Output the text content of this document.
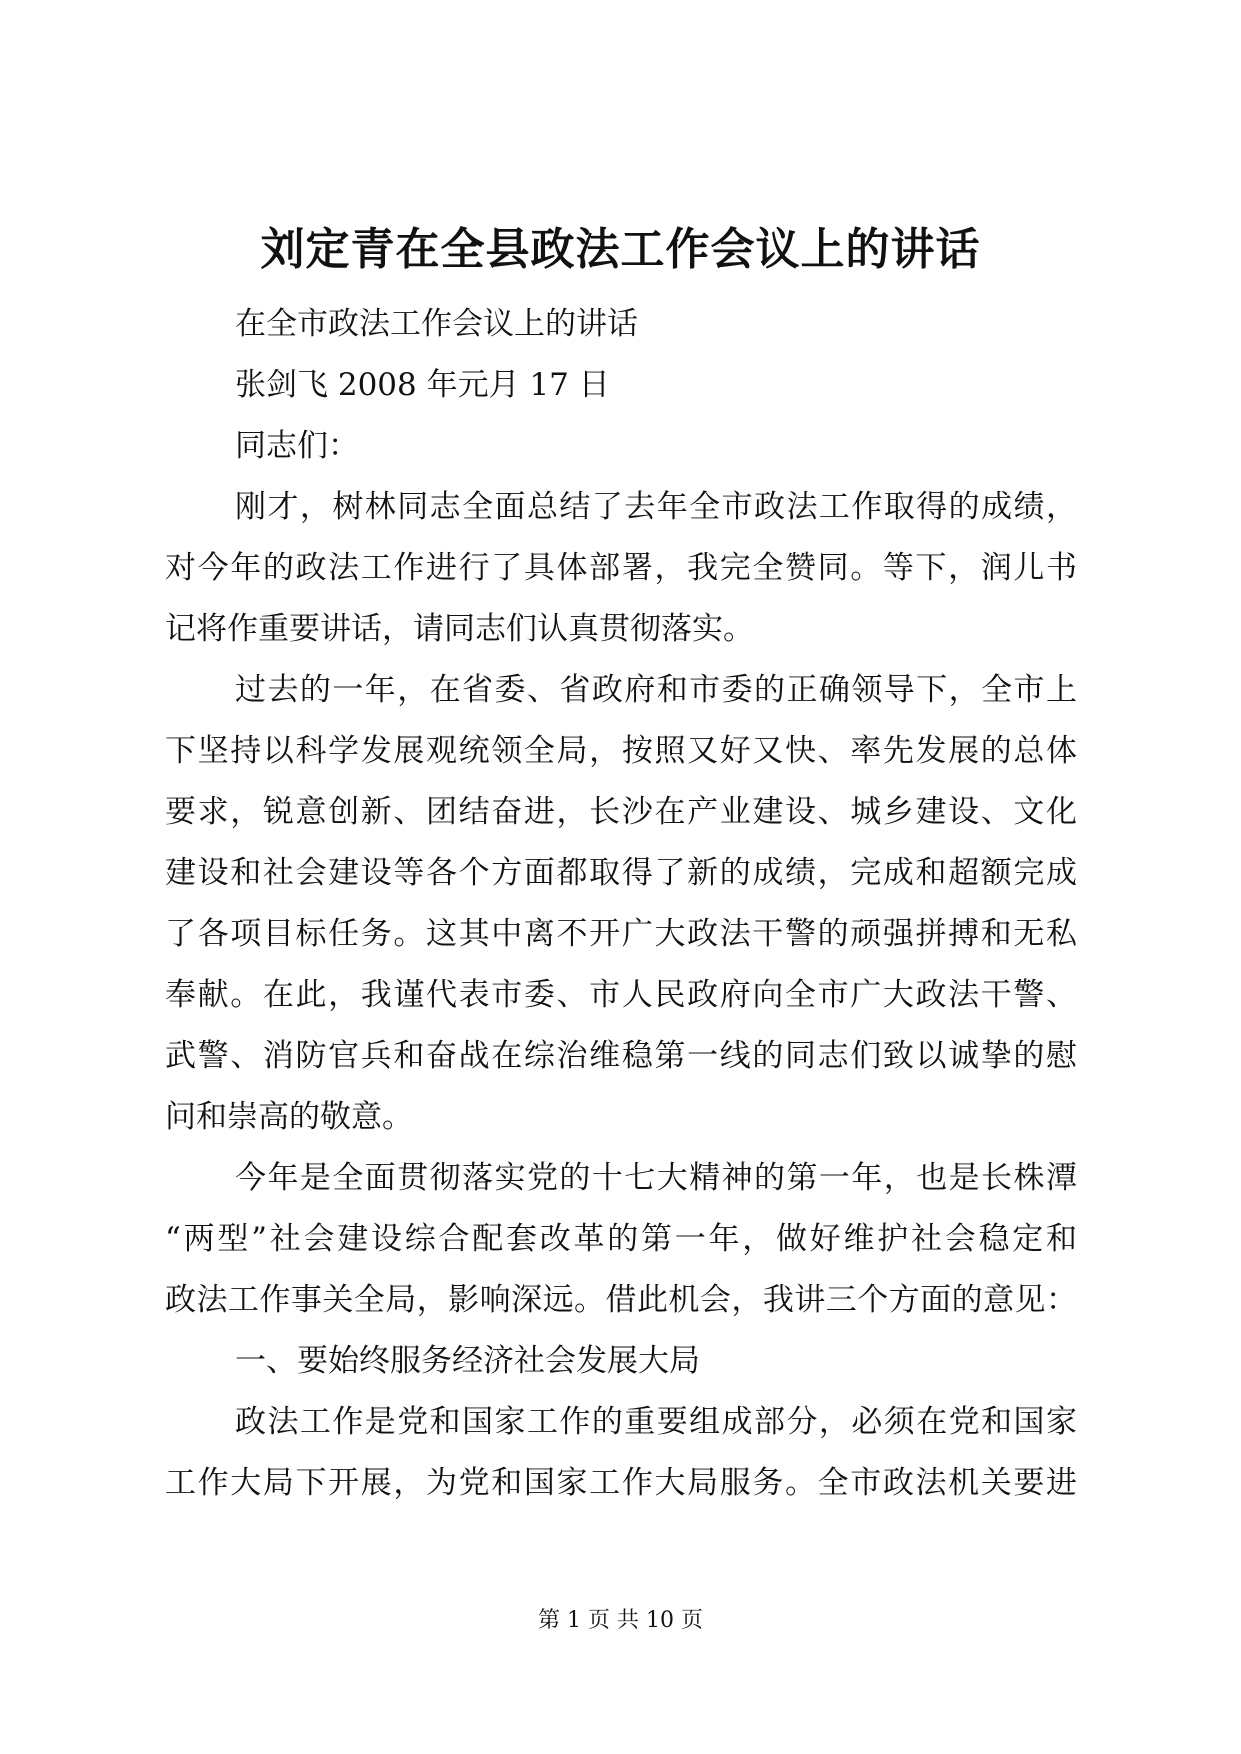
刘定青在全县政法工作会议上的讲话
在全市政法工作会议上的讲话
张剑飞 2008 年元月 17 日
同志们：
刚才，树林同志全面总结了去年全市政法工作取得的成绩，
对今年的政法工作进行了具体部署，我完全赞同。等下，润儿书
记将作重要讲话，请同志们认真贯彻落实。
过去的一年，在省委、省政府和市委的正确领导下，全市上
下坚持以科学发展观统领全局，按照又好又快、率先发展的总体
要求，锐意创新、团结奋进，长沙在产业建设、城乡建设、文化
建设和社会建设等各个方面都取得了新的成绩，完成和超额完成
了各项目标任务。这其中离不开广大政法干警的顽强拼搏和无私
奉献。在此，我谨代表市委、市人民政府向全市广大政法干警、
武警、消防官兵和奋战在综治维稳第一线的同志们致以诚挚的慰
问和崇高的敬意。
今年是全面贯彻落实党的十七大精神的第一年，也是长株潭
“两型”社会建设综合配套改革的第一年，做好维护社会稳定和
政法工作事关全局，影响深远。借此机会，我讲三个方面的意见：
一、要始终服务经济社会发展大局
政法工作是党和国家工作的重要组成部分，必须在党和国家
工作大局下开展，为党和国家工作大局服务。全市政法机关要进
第 1 页 共 10 页
